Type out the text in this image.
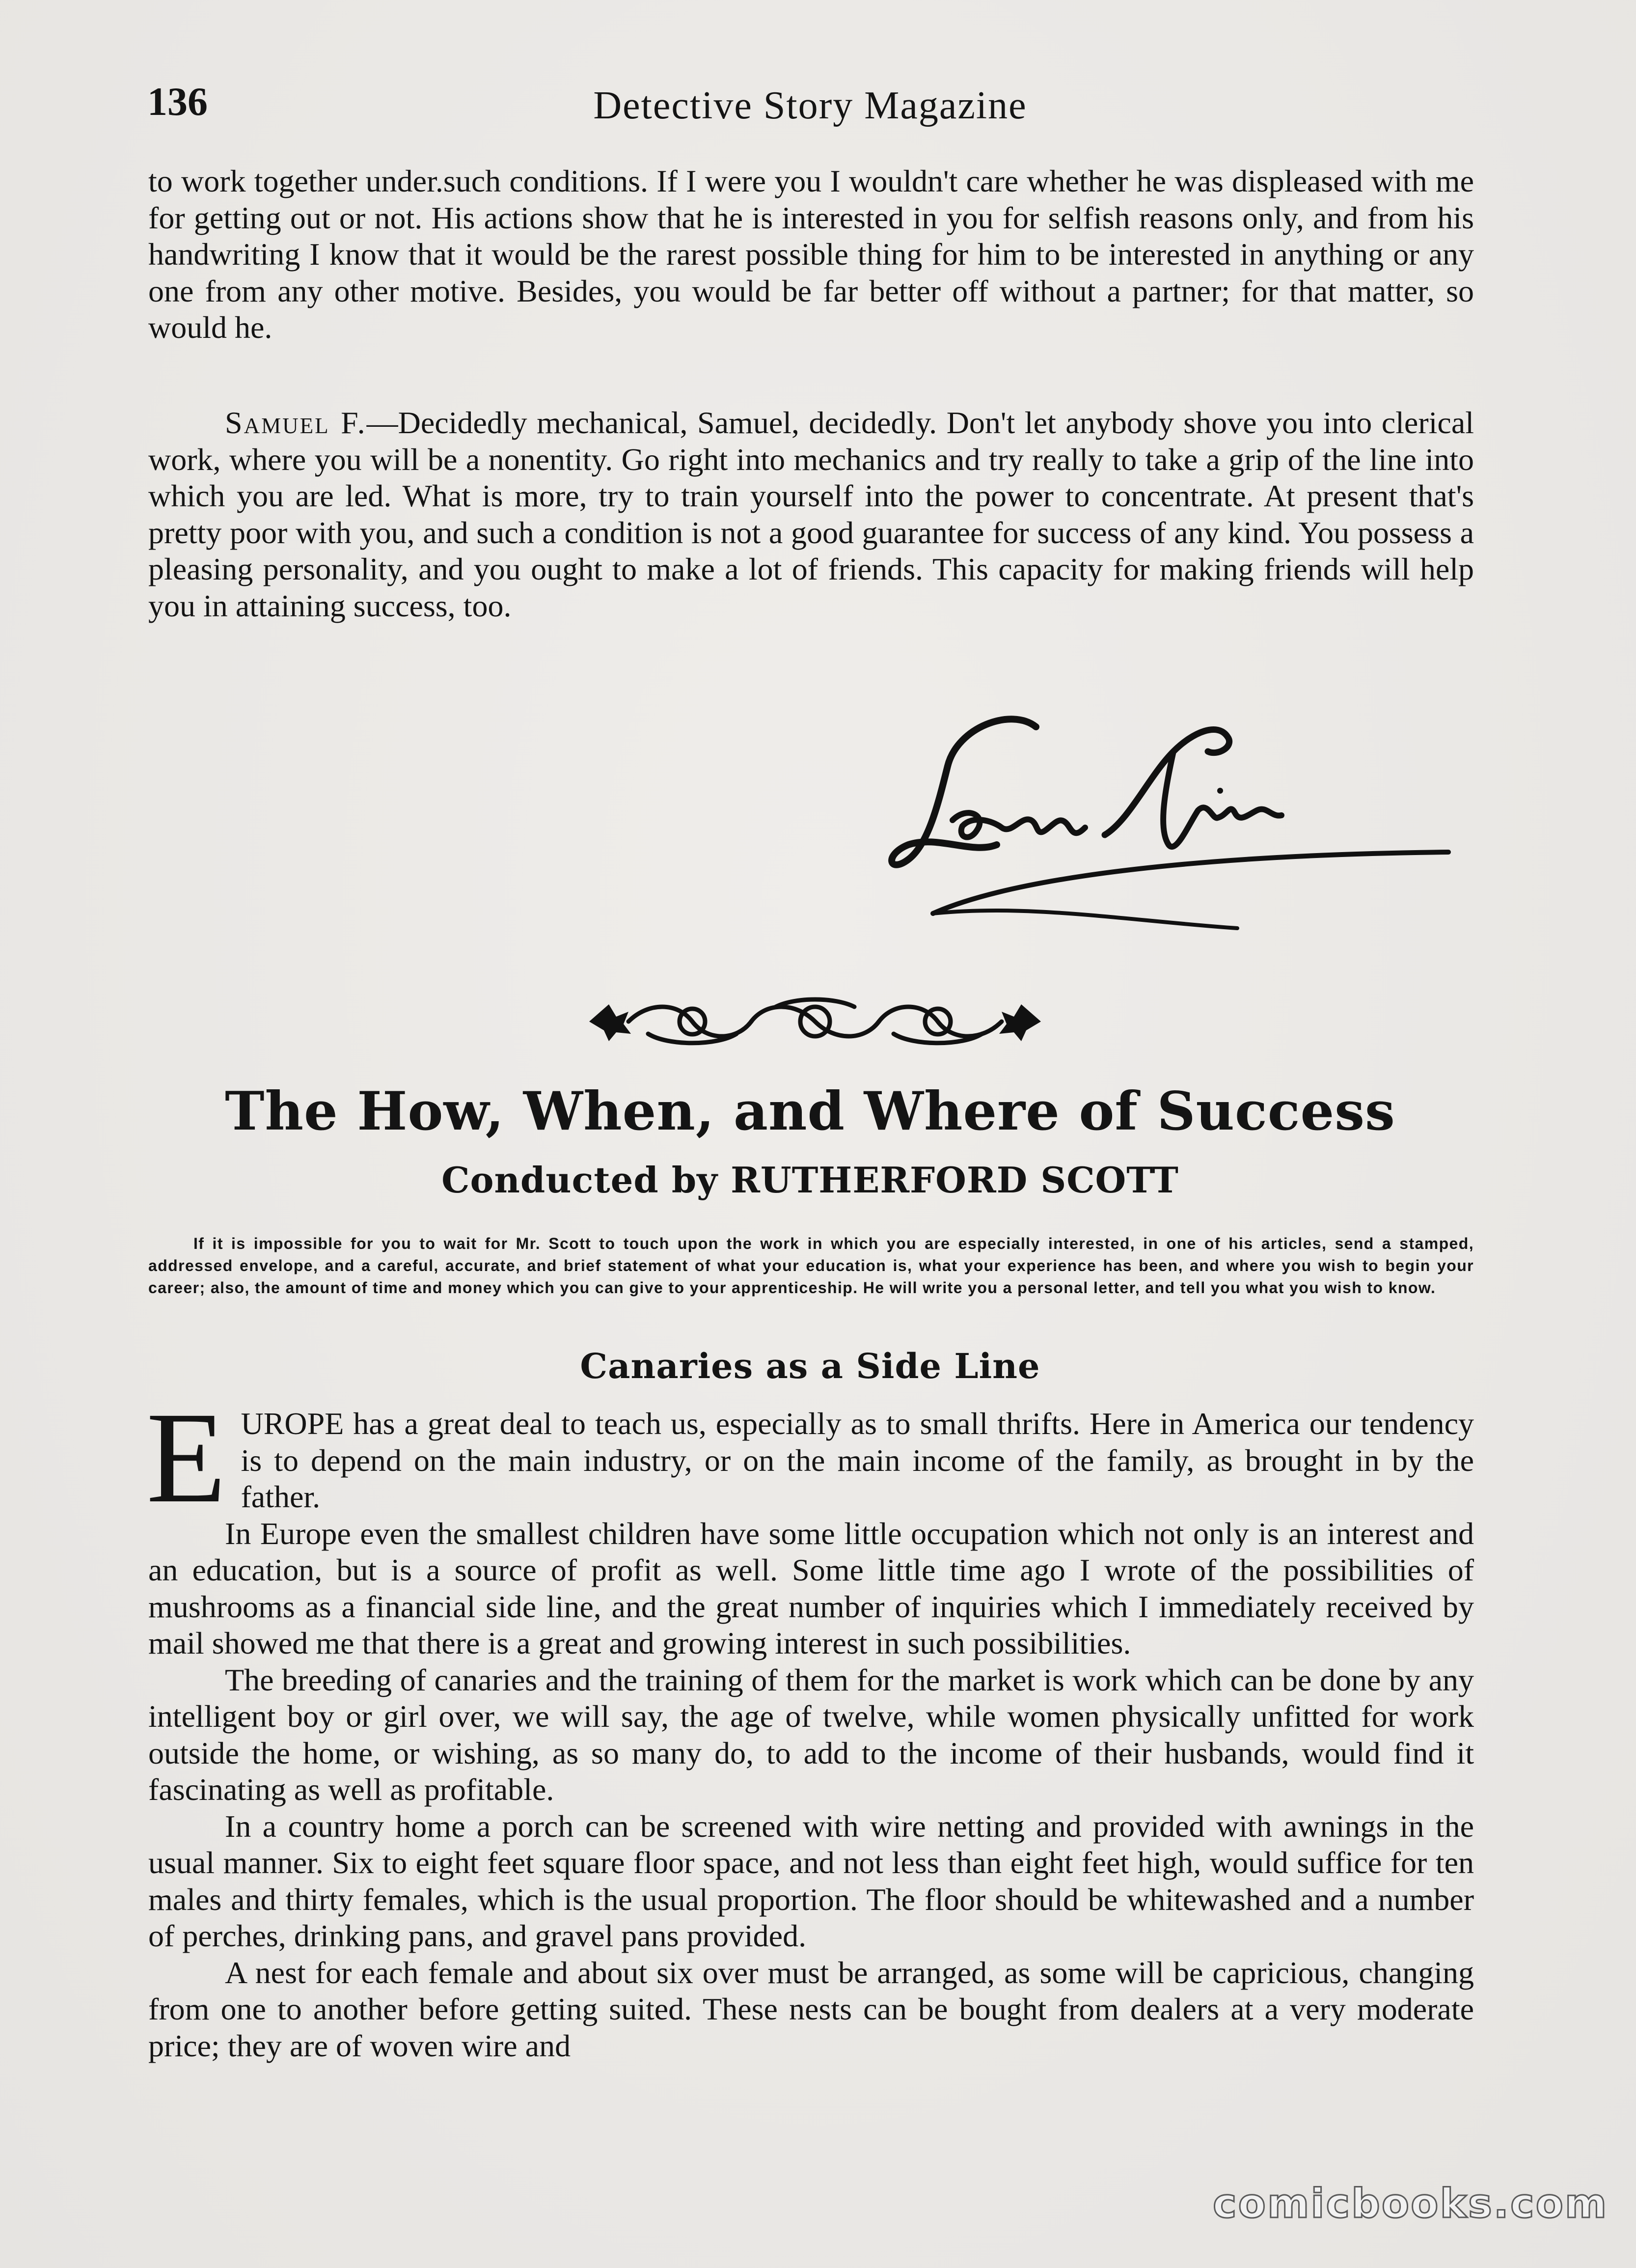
136	Detective Story Magazine

to work together under.such conditions. If I were you I wouldn't care whether he was displeased with me for getting out or not. His actions show that he is interested in you for selfish reasons only, and from his handwriting I know that it would be the rarest possible thing for him to be interested in anything or any one from any other motive. Besides, you would be far better off without a partner; for that matter, so would he.

Samuel F.—Decidedly mechanical, Samuel, decidedly. Don't let anybody shove you into clerical work, where you will be a nonentity. Go right into mechanics and try really to take a grip of the line into which you are led. What is more, try to train yourself into the power to concentrate. At present that's pretty poor with you, and such a condition is not a good guarantee for success of any kind. You possess a pleasing personality, and you ought to make a lot of friends. This capacity for making friends will help you in attaining success, too.

The How, When, and Where of Success
Conducted by RUTHERFORD SCOTT
If it is impossible for you to wait for Mr. Scott to touch upon the work in which you are especially interested, in one of his articles, send a stamped, addressed envelope, and a careful, accurate, and brief statement of what your education is, what your experience has been, and where you wish to begin your career; also, the amount of time and money which you can give to your apprenticeship. He will write you a personal letter, and tell you what you wish to know.
Canaries as a Side Line

EUROPE has a great deal to teach us, especially as to small thrifts. Here in America our tendency is to depend on the main industry, or on the main income of the family, as brought in by the father.

In Europe even the smallest children have some little occupation which not only is an interest and an education, but is a source of profit as well. Some little time ago I wrote of the possibilities of mushrooms as a financial side line, and the great number of inquiries which I immediately received by mail showed me that there is a great and growing interest in such possibilities.

The breeding of canaries and the training of them for the market is work which can be done by any intelligent boy or girl over, we will say, the age of twelve, while women physically unfitted for work outside the home, or wishing, as so many do, to add to the income of their husbands, would find it fascinating as well as profitable.

In a country home a porch can be screened with wire netting and provided with awnings in the usual manner. Six to eight feet square floor space, and not less than eight feet high, would suffice for ten males and thirty females, which is the usual proportion. The floor should be whitewashed and a number of perches, drinking pans, and gravel pans provided.

A nest for each female and about six over must be arranged, as some will be capricious, changing from one to another before getting suited. These nests can be bought from dealers at a very moderate price; they are of woven wire and

comicbooks.com
